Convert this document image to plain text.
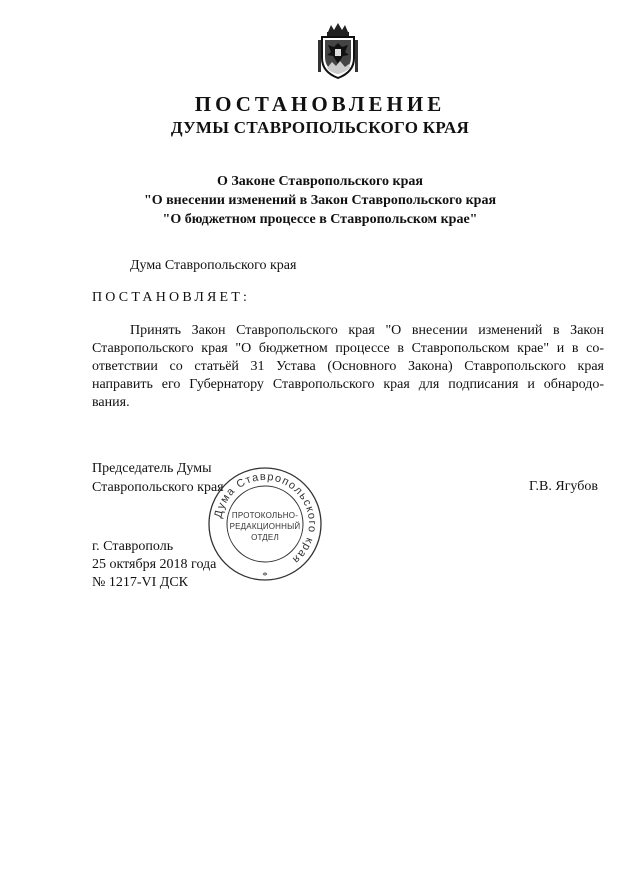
ПОСТАНОВЛЕНИЕ
ДУМЫ СТАВРОПОЛЬСКОГО КРАЯ
О Законе Ставропольского края
"О внесении изменений в Закон Ставропольского края
"О бюджетном процессе в Ставропольском крае"
Дума Ставропольского края
ПОСТАНОВЛЯЕТ:
Принять Закон Ставропольского края "О внесении изменений в Закон
Ставропольского края "О бюджетном процессе в Ставропольском крае" и в со-
ответствии со статьёй 31 Устава (Основного Закона) Ставропольского края
направить его Губернатору Ставропольского края для подписания и обнародо-
вания.
Председатель Думы
Ставропольского края	Г.В. Ягубов
г. Ставрополь
25 октября 2018 года
№ 1217-VI ДСК
Дума Ставропольского края
*
ПРОТОКОЛЬНО-
РЕДАКЦИОННЫЙ
ОТДЕЛ
